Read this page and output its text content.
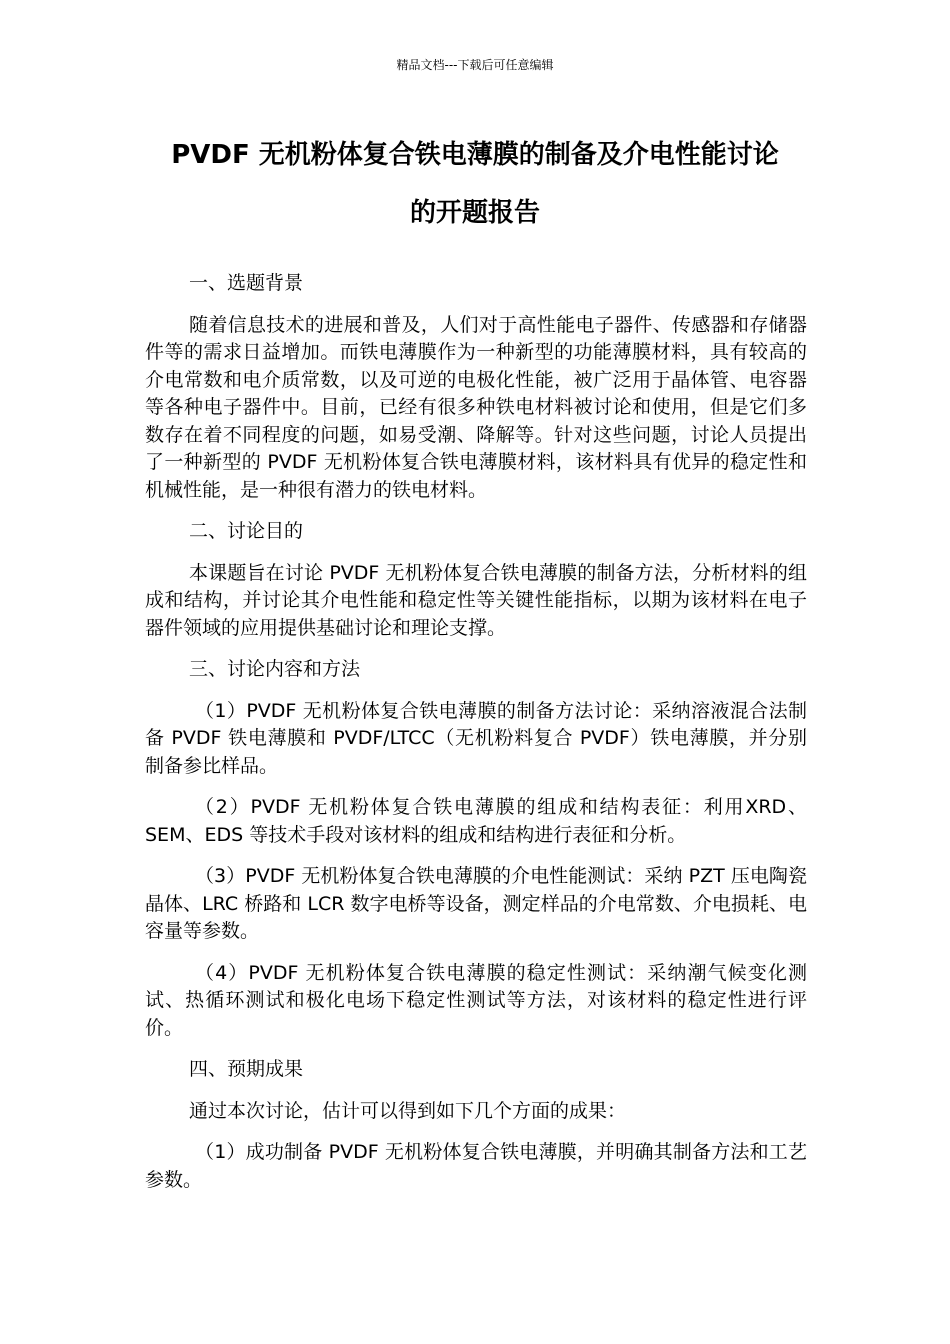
精品文档---下载后可任意编辑
PVDF 无机粉体复合铁电薄膜的制备及介电性能讨论
的开题报告

一、选题背景

随着信息技术的进展和普及，人们对于高性能电子器件、传感器和存储器件等的需求日益增加。而铁电薄膜作为一种新型的功能薄膜材料，具有较高的介电常数和电介质常数，以及可逆的电极化性能，被广泛用于晶体管、电容器等各种电子器件中。目前，已经有很多种铁电材料被讨论和使用，但是它们多数存在着不同程度的问题，如易受潮、降解等。针对这些问题，讨论人员提出了一种新型的 PVDF 无机粉体复合铁电薄膜材料，该材料具有优异的稳定性和机械性能，是一种很有潜力的铁电材料。

二、讨论目的

本课题旨在讨论 PVDF 无机粉体复合铁电薄膜的制备方法，分析材料的组成和结构，并讨论其介电性能和稳定性等关键性能指标，以期为该材料在电子器件领域的应用提供基础讨论和理论支撑。

三、讨论内容和方法

（1）PVDF 无机粉体复合铁电薄膜的制备方法讨论：采纳溶液混合法制备 PVDF 铁电薄膜和 PVDF/LTCC（无机粉料复合 PVDF）铁电薄膜，并分别制备参比样品。

（2）PVDF 无机粉体复合铁电薄膜的组成和结构表征：利用XRD、SEM、EDS 等技术手段对该材料的组成和结构进行表征和分析。

（3）PVDF 无机粉体复合铁电薄膜的介电性能测试：采纳 PZT 压电陶瓷晶体、LRC 桥路和 LCR 数字电桥等设备，测定样品的介电常数、介电损耗、电容量等参数。

（4）PVDF 无机粉体复合铁电薄膜的稳定性测试：采纳潮气候变化测试、热循环测试和极化电场下稳定性测试等方法，对该材料的稳定性进行评价。

四、预期成果

通过本次讨论，估计可以得到如下几个方面的成果：

（1）成功制备 PVDF 无机粉体复合铁电薄膜，并明确其制备方法和工艺参数。
